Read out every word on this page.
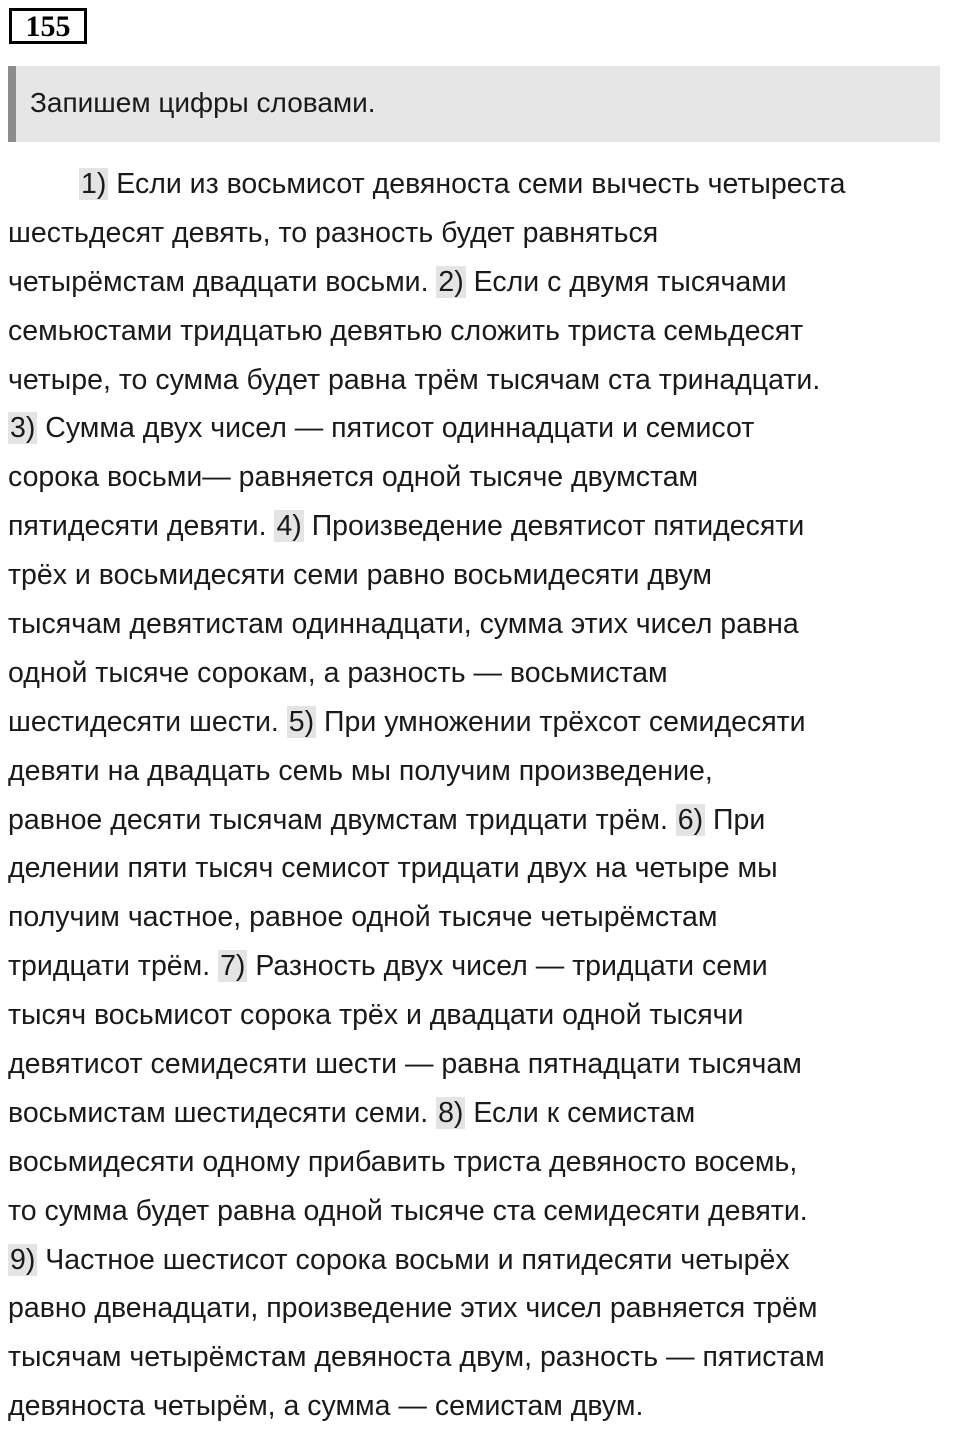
155
Запишем цифры словами.
1) Если из восьмисот девяноста семи вычесть четыреста
шестьдесят девять, то разность будет равняться
четырёмстам двадцати восьми. 2) Если с двумя тысячами
семьюстами тридцатью девятью сложить триста семьдесят
четыре, то сумма будет равна трём тысячам ста тринадцати.
3) Сумма двух чисел — пятисот одиннадцати и семисот
сорока восьми— равняется одной тысяче двумстам
пятидесяти девяти. 4) Произведение девятисот пятидесяти
трёх и восьмидесяти семи равно восьмидесяти двум
тысячам девятистам одиннадцати, сумма этих чисел равна
одной тысяче сорокам, а разность — восьмистам
шестидесяти шести. 5) При умножении трёхсот семидесяти
девяти на двадцать семь мы получим произведение,
равное десяти тысячам двумстам тридцати трём. 6) При
делении пяти тысяч семисот тридцати двух на четыре мы
получим частное, равное одной тысяче четырёмстам
тридцати трём. 7) Разность двух чисел — тридцати семи
тысяч восьмисот сорока трёх и двадцати одной тысячи
девятисот семидесяти шести — равна пятнадцати тысячам
восьмистам шестидесяти семи. 8) Если к семистам
восьмидесяти одному прибавить триста девяносто восемь,
то сумма будет равна одной тысяче ста семидесяти девяти.
9) Частное шестисот сорока восьми и пятидесяти четырёх
равно двенадцати, произведение этих чисел равняется трём
тысячам четырёмстам девяноста двум, разность — пятистам
девяноста четырём, а сумма — семистам двум.
